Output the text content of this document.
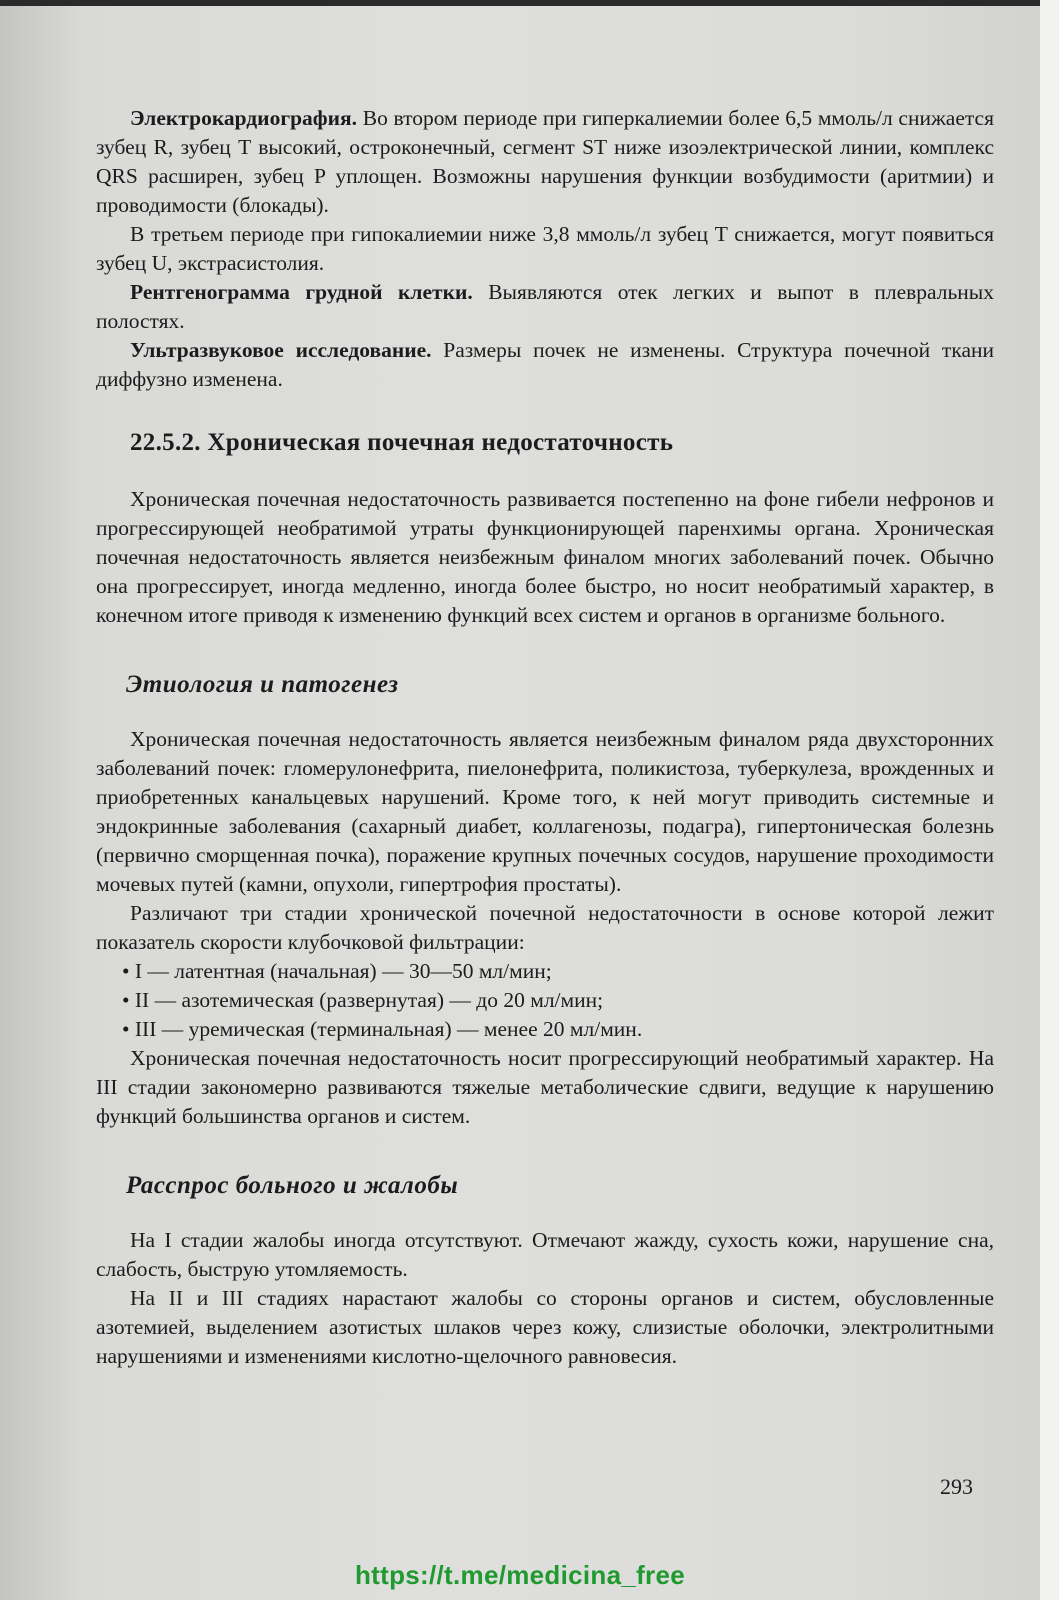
Электрокардиография. Во втором периоде при гиперкалиемии более 6,5 ммоль/л снижается зубец R, зубец T высокий, остроконечный, сегмент ST ниже изоэлектрической линии, комплекс QRS расширен, зубец P уплощен. Возможны нарушения функции возбудимости (аритмии) и проводимости (блокады).

В третьем периоде при гипокалиемии ниже 3,8 ммоль/л зубец T снижается, могут появиться зубец U, экстрасистолия.

Рентгенограмма грудной клетки. Выявляются отек легких и выпот в плевральных полостях.

Ультразвуковое исследование. Размеры почек не изменены. Структура почечной ткани диффузно изменена.

22.5.2. Хроническая почечная недостаточность

Хроническая почечная недостаточность развивается постепенно на фоне гибели нефронов и прогрессирующей необратимой утраты функционирующей паренхимы органа. Хроническая почечная недостаточность является неизбежным финалом многих заболеваний почек. Обычно она прогрессирует, иногда медленно, иногда более быстро, но носит необратимый характер, в конечном итоге приводя к изменению функций всех систем и органов в организме больного.

Этиология и патогенез

Хроническая почечная недостаточность является неизбежным финалом ряда двухсторонних заболеваний почек: гломерулонефрита, пиелонефрита, поликистоза, туберкулеза, врожденных и приобретенных канальцевых нарушений. Кроме того, к ней могут приводить системные и эндокринные заболевания (сахарный диабет, коллагенозы, подагра), гипертоническая болезнь (первично сморщенная почка), поражение крупных почечных сосудов, нарушение проходимости мочевых путей (камни, опухоли, гипертрофия простаты).

Различают три стадии хронической почечной недостаточности в основе которой лежит показатель скорости клубочковой фильтрации:

• I — латентная (начальная) — 30—50 мл/мин;
• II — азотемическая (развернутая) — до 20 мл/мин;
• III — уремическая (терминальная) — менее 20 мл/мин.

Хроническая почечная недостаточность носит прогрессирующий необратимый характер. На III стадии закономерно развиваются тяжелые метаболические сдвиги, ведущие к нарушению функций большинства органов и систем.

Расспрос больного и жалобы

На I стадии жалобы иногда отсутствуют. Отмечают жажду, сухость кожи, нарушение сна, слабость, быструю утомляемость.

На II и III стадиях нарастают жалобы со стороны органов и систем, обусловленные азотемией, выделением азотистых шлаков через кожу, слизистые оболочки, электролитными нарушениями и изменениями кислотно-щелочного равновесия.

293
https://t.me/medicina_free
